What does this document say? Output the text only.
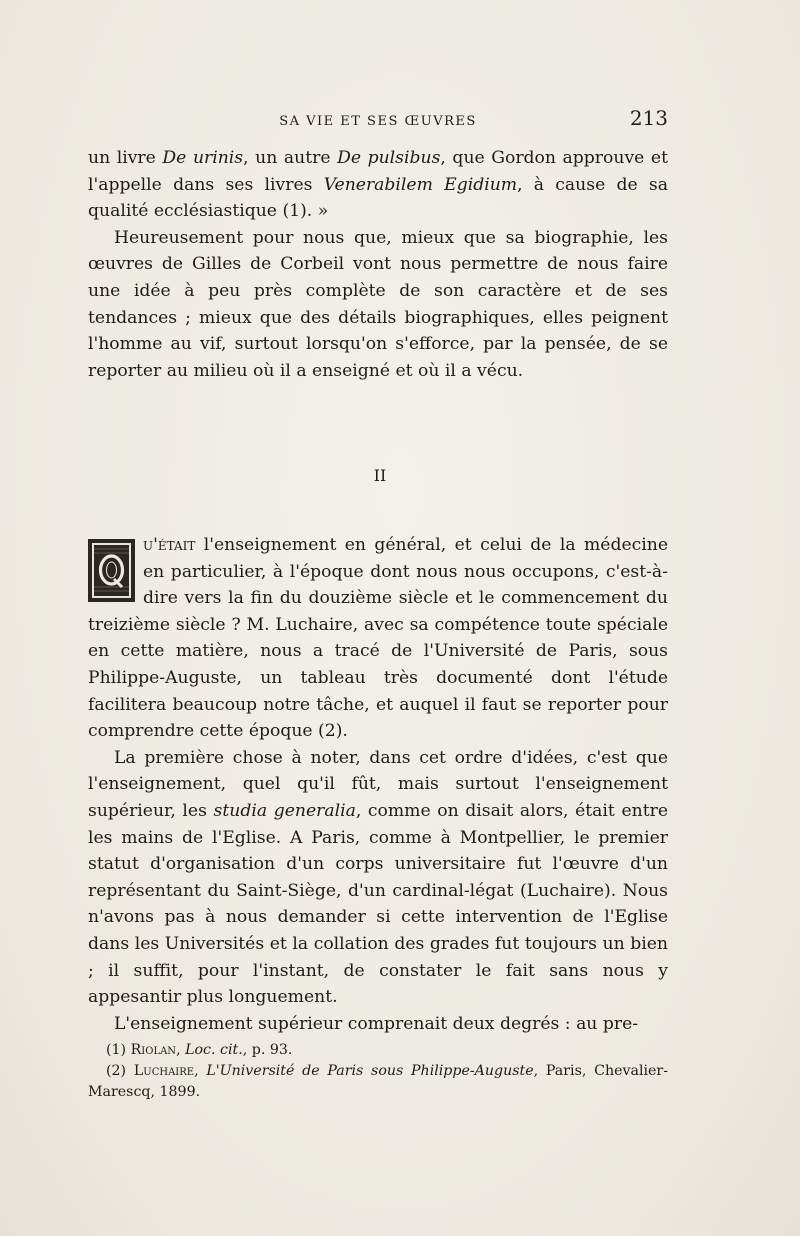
SA VIE ET SES ŒUVRES	213

un livre De urinis, un autre De pulsibus, que Gordon approuve et l'appelle dans ses livres Venerabilem Egidium, à cause de sa qualité ecclésiastique (1). »

Heureusement pour nous que, mieux que sa biographie, les œuvres de Gilles de Corbeil vont nous permettre de nous faire une idée à peu près complète de son caractère et de ses tendances ; mieux que des détails biographiques, elles peignent l'homme au vif, surtout lorsqu'on s'efforce, par la pensée, de se reporter au milieu où il a enseigné et où il a vécu.

II

Q
u'était l'enseignement en général, et celui de la médecine en particulier, à l'époque dont nous nous occupons, c'est-à-dire vers la fin du douzième siècle et le commencement du treizième siècle ? M. Luchaire, avec sa compétence toute spéciale en cette matière, nous a tracé de l'Université de Paris, sous Philippe-Auguste, un tableau très documenté dont l'étude facilitera beaucoup notre tâche, et auquel il faut se reporter pour comprendre cette époque (2).

La première chose à noter, dans cet ordre d'idées, c'est que l'enseignement, quel qu'il fût, mais surtout l'enseignement supérieur, les studia generalia, comme on disait alors, était entre les mains de l'Eglise. A Paris, comme à Montpellier, le premier statut d'organisation d'un corps universitaire fut l'œuvre d'un représentant du Saint-Siège, d'un cardinal-légat (Luchaire). Nous n'avons pas à nous demander si cette intervention de l'Eglise dans les Universités et la collation des grades fut toujours un bien ; il suffit, pour l'instant, de constater le fait sans nous y appesantir plus longuement.

L'enseignement supérieur comprenait deux degrés : au pre-

(1) Riolan, Loc. cit., p. 93.

(2) Luchaire, L'Université de Paris sous Philippe-Auguste, Paris, Chevalier-Marescq, 1899.
